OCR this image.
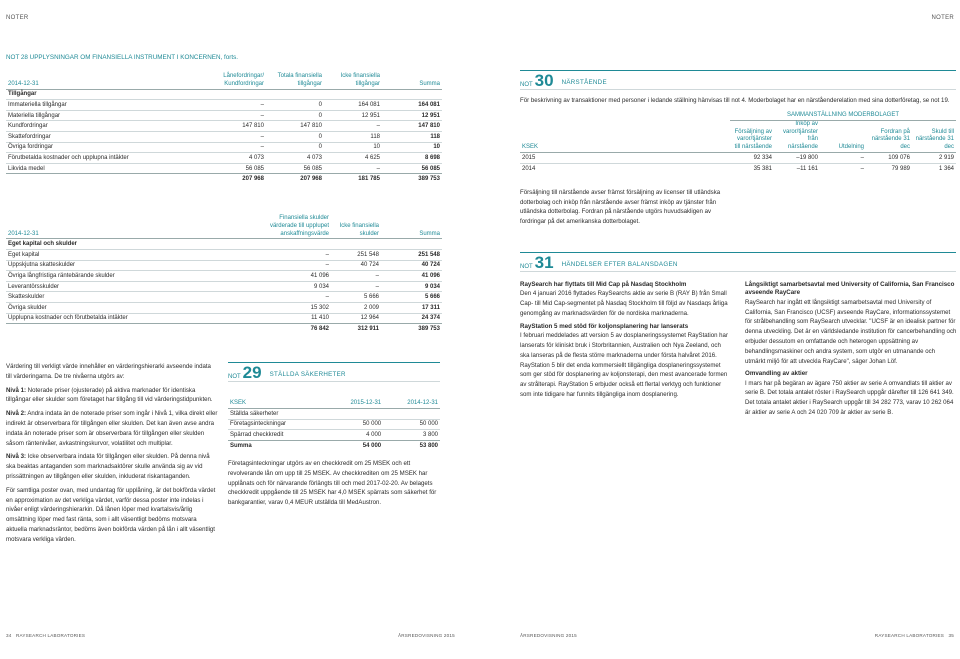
NOTER	NOTER
NOT 28 UPPLYSNINGAR OM FINANSIELLA INSTRUMENT I KONCERNEN, forts.
2014-12-31	Lånefordringar/ Kundfordringar	Totala finansiella tillgångar	Icke finansiella tillgångar	Summa
Tillgångar				
Immateriella tillgångar	–	0	164 081	164 081
Materiella tillgångar	–	0	12 951	12 951
Kundfordringar	147 810	147 810	–	147 810
Skattefordringar	–	0	118	118
Övriga fordringar	–	0	10	10
Förutbetalda kostnader och upplupna intäkter	4 073	4 073	4 625	8 698
Likvida medel	56 085	56 085	–	56 085
	207 968	207 968	181 785	389 753
2014-12-31	Finansiella skulder värderade till upplupet anskaffningsvärde	Icke finansiella skulder	Summa
Eget kapital och skulder			
Eget kapital	–	251 548	251 548
Uppskjutna skatteskulder	–	40 724	40 724
Övriga långfristiga räntebärande skulder	41 096	–	41 096
Leverantörsskulder	9 034	–	9 034
Skatteskulder	–	5 666	5 666
Övriga skulder	15 302	2 009	17 311
Upplupna kostnader och förutbetalda intäkter	11 410	12 964	24 374
	76 842	312 911	389 753

Värdering till verkligt värde innehåller en värderingshierarki avseende indata till värderingarna. De tre nivåerna utgörs av:

Nivå 1: Noterade priser (ojusterade) på aktiva marknader för identiska tillgångar eller skulder som företaget har tillgång till vid värderingstidpunkten.

Nivå 2: Andra indata än de noterade priser som ingår i Nivå 1, vilka direkt eller indirekt är observerbara för tillgången eller skulden. Det kan även avse andra indata än noterade priser som är observerbara för tillgången eller skulden såsom räntenivåer, avkastningskurvor, volatilitet och multiplar.

Nivå 3: Icke observerbara indata för tillgången eller skulden. På denna nivå ska beaktas antaganden som marknadsaktörer skulle använda sig av vid prissättningen av tillgången eller skulden, inkluderat riskantaganden.

För samtliga poster ovan, med undantag för upplåning, är det bokförda värdet en approximation av det verkliga värdet, varför dessa poster inte indelas i nivåer enligt värderingshierarkin. Då lånen löper med kvartalsvis/årlig omsättning löper med fast ränta, som i allt väsentligt bedöms motsvara aktuella marknadsräntor, bedöms även bokförda värden på lån i allt väsentligt motsvara verkliga värden.

NOT 29 STÄLLDA SÄKERHETER
KSEK	2015-12-31	2014-12-31
Ställda säkerheter		
Företagsinteckningar	50 000	50 000
Spärrad checkkredit	4 000	3 800
Summa	54 000	53 800

Företagsinteckningar utgörs av en checkkredit om 25 MSEK och ett revolverande lån om upp till 25 MSEK. Av checkkrediten om 25 MSEK har upplånats och för närvarande förlängts till och med 2017-02-20. Av belagets checkkredit uppgående till 25 MSEK har 4,0 MSEK spärrats som säkerhet för bankgarantier, varav 0,4 MEUR utställda till MedAustron.

34 RAYSEARCH LABORATORIES	ÅRSREDOVISNING 2015
NOT 30 NÄRSTÅENDE

För beskrivning av transaktioner med personer i ledande ställning hänvisas till not 4. Moderbolaget har en närståenderelation med sina dotterföretag, se not 19.

	SAMMANSTÄLLNING MODERBOLAGET				
KSEK	Försäljning av varor/tjänster till närstående	Inköp av varor/tjänster från närstående	Utdelning	Fordran på närstående 31 dec	Skuld till närstående 31 dec
2015	92 334	–19 800	–	109 076	2 919
2014	35 381	–11 161	–	79 989	1 364

Försäljning till närstående avser främst försäljning av licenser till utländska dotterbolag och inköp från närstående avser främst inköp av tjänster från utländska dotterbolag. Fordran på närstående utgörs huvudsakligen av fordringar på det amerikanska dotterbolaget.

NOT 31 HÄNDELSER EFTER BALANSDAGEN
RaySearch har flyttats till Mid Cap på Nasdaq Stockholm

Den 4 januari 2016 flyttades RaySearchs aktie av serie B (RAY B) från Small Cap- till Mid Cap-segmentet på Nasdaq Stockholm till följd av Nasdaqs årliga genomgång av marknadsvärden för de nordiska marknaderna.

RayStation 5 med stöd för koljonsplanering har lanserats

I februari meddelades att version 5 av dosplaneringssystemet RayStation har lanserats för kliniskt bruk i Storbritannien, Australien och Nya Zeeland, och ska lanseras på de flesta större marknaderna under första halvåret 2016. RayStation 5 blir det enda kommersiellt tillgängliga dosplaneringssystemet som ger stöd för dosplanering av koljonsterapi, den mest avancerade formen av strålterapi. RayStation 5 erbjuder också ett flertal verktyg och funktioner som inte tidigare har funnits tillgängliga inom dosplanering.

Långsiktigt samarbetsavtal med University of California, San Francisco avseende RayCare

RaySearch har ingått ett långsiktigt samarbetsavtal med University of California, San Francisco (UCSF) avseende RayCare, informationssystemet för strålbehandling som RaySearch utvecklar. "UCSF är en idealisk partner för denna utveckling. Det är en världsledande institution för cancerbehandling och erbjuder dessutom en omfattande och heterogen uppsättning av behandlingsmaskiner och andra system, som utgör en utmanande och utmärkt miljö för att utveckla RayCare", säger Johan Löf.

Omvandling av aktier

I mars har på begäran av ägare 750 aktier av serie A omvandlats till aktier av serie B. Det totala antalet röster i RaySearch uppgår därefter till 126 641 349. Det totala antalet aktier i RaySearch uppgår till 34 282 773, varav 10 262 064 är aktier av serie A och 24 020 709 är aktier av serie B.

ÅRSREDOVISNING 2015	RAYSEARCH LABORATORIES 35
